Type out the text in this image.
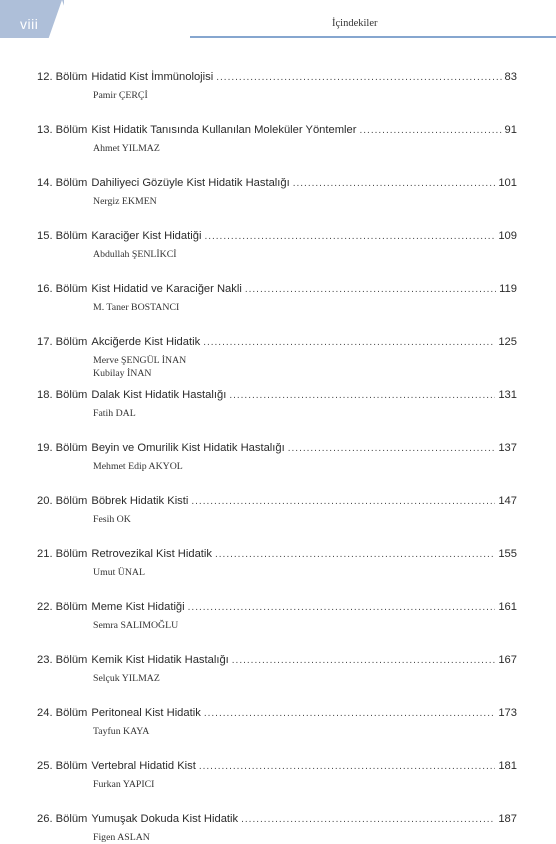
viii	İçindekiler
12. Bölüm Hidatid Kist İmmünolojisi .....	83
Pamir ÇERÇİ
13. Bölüm Kist Hidatik Tanısında Kullanılan Moleküler Yöntemler .....	91
Ahmet YILMAZ
14. Bölüm Dahiliyeci Gözüyle Kist Hidatik Hastalığı .....	101
Nergiz EKMEN
15. Bölüm Karaciğer Kist Hidatiği .....	109
Abdullah ŞENLİKCİ
16. Bölüm Kist Hidatid ve Karaciğer Nakli .....	119
M. Taner BOSTANCI
17. Bölüm Akciğerde Kist Hidatik .....	125
Merve ŞENGÜL İNAN
Kubilay İNAN
18. Bölüm Dalak Kist Hidatik Hastalığı .....	131
Fatih DAL
19. Bölüm Beyin ve Omurilik Kist Hidatik Hastalığı .....	137
Mehmet Edip AKYOL
20. Bölüm Böbrek Hidatik Kisti .....	147
Fesih OK
21. Bölüm Retrovezikal Kist Hidatik .....	155
Umut ÜNAL
22. Bölüm Meme Kist Hidatiği .....	161
Semra SALIMOĞLU
23. Bölüm Kemik Kist Hidatik Hastalığı .....	167
Selçuk YILMAZ
24. Bölüm Peritoneal Kist Hidatik .....	173
Tayfun KAYA
25. Bölüm Vertebral Hidatid Kist .....	181
Furkan YAPICI
26. Bölüm Yumuşak Dokuda Kist Hidatik .....	187
Figen ASLAN
